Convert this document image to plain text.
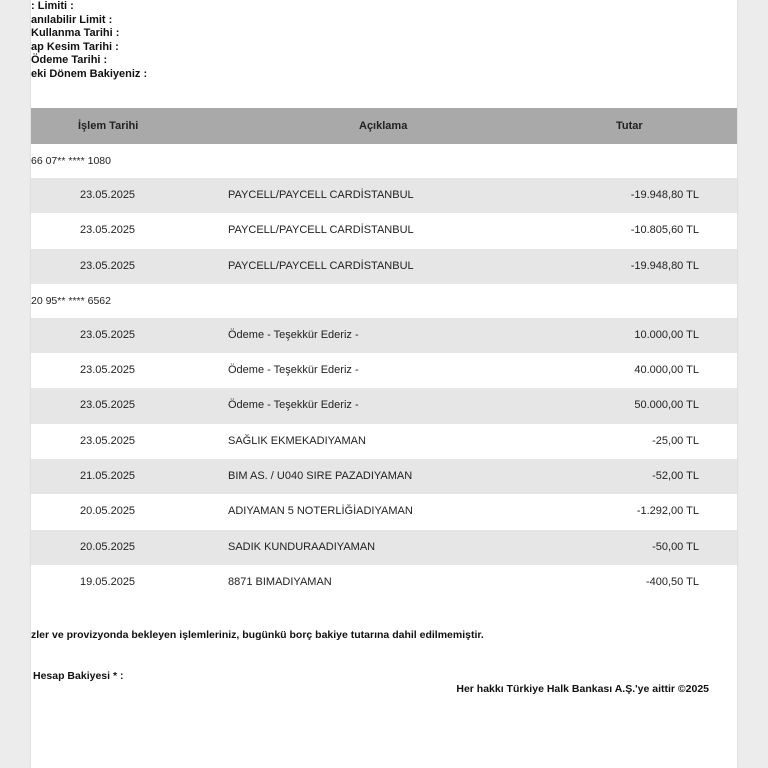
: Limiti :
anılabilir Limit :
Kullanma Tarihi :
ap Kesim Tarihi :
Ödeme Tarihi :
eki Dönem Bakiyeniz :
İşlem Tarihi	Açıklama	Tutar
66 07** **** 1080
23.05.2025	PAYCELL/PAYCELL CARDİSTANBUL	-19.948,80 TL
23.05.2025	PAYCELL/PAYCELL CARDİSTANBUL	-10.805,60 TL
23.05.2025	PAYCELL/PAYCELL CARDİSTANBUL	-19.948,80 TL
20 95** **** 6562
23.05.2025	Ödeme - Teşekkür Ederiz -	10.000,00 TL
23.05.2025	Ödeme - Teşekkür Ederiz -	40.000,00 TL
23.05.2025	Ödeme - Teşekkür Ederiz -	50.000,00 TL
23.05.2025	SAĞLIK EKMEKADIYAMAN	-25,00 TL
21.05.2025	BIM AS. / U040 SIRE PAZADIYAMAN	-52,00 TL
20.05.2025	ADIYAMAN 5 NOTERLİĞİADIYAMAN	-1.292,00 TL
20.05.2025	SADIK KUNDURAADIYAMAN	-50,00 TL
19.05.2025	8871 BIMADIYAMAN	-400,50 TL
zler ve provizyonda bekleyen işlemleriniz, bugünkü borç bakiye tutarına dahil edilmemiştir.
Hesap Bakiyesi * :
Her hakkı Türkiye Halk Bankası A.Ş.'ye aittir ©2025
